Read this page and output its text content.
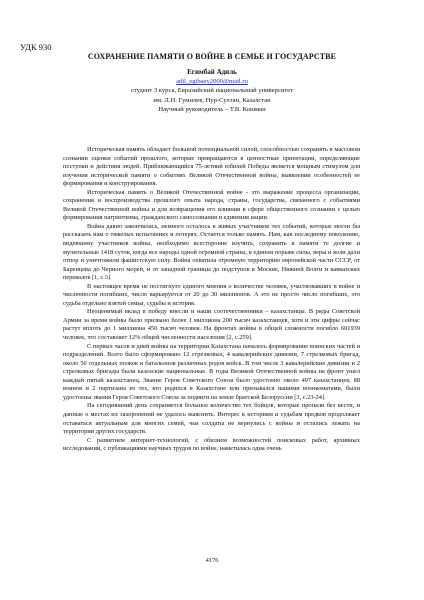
УДК 930
СОХРАНЕНИЕ ПАМЯТИ О ВОЙНЕ В СЕМЬЕ И ГОСУДАРСТВЕ
Егимбай Адиль
adil_egibaev2000@mail.ru
студент 3 курса, Евразийский национальный университет
им. Л.Н. Гумилев, Нур-Султан, Казахстан
Научный руководитель – Т.В. Кошман

Историческая память обладает большой потенциальной силой, способностью сохранять в массовом сознании оценки событий прошлого, которые превращаются в ценностные ориентации, определяющие поступки и действия людей. Приближающийся 75-летний юбилей Победы является мощным стимулом для изучения исторической памяти о событиях Великой Отечественной войны, выявлении особенностей ее формирования и конструирования.

Историческая память о Великой Отечественной войне - это выражение процесса организации, сохранения и воспроизводства прошлого опыта народа, страны, государства, связанного с событиями Великой Отечественной войны и для возвращения его влияния в сфере общественного сознании с целью формирования патриотизма, гражданского самосознания и единения нации.

Война давно закончилась, немного осталось в живых участников тех событий, которые могли бы рассказать нам о тяжелых испытаниях и потерях. Остается только память. Нам, как последнему поколению, видевшему участников войны, необходимо всесторонне изучить, сохранить в памяти те долгие и мучительные 1418 суток, когда все народы одной огромной страны, в едином порыве силы, веры и воли дали отпор и уничтожили фашистскую силу. Война охватила огромную территорию европейской части СССР, от Баренцева до Черного морей, и от западной границы до подступов к Москве, Нижней Волги и кавказских перевалов [1, с.3].

В настоящее время не постигнуто единого мнения о количестве человек, участвовавших в войне и численности погибших, число варьируется от 20 до 30 миллионов. А это не просто число погибших, это судьба отдельно взятой семьи, судьбы и история.

Неоценимый вклад в победу внесли и наши соотечественники – казахстанцы. В ряды Советской Армии за время войны было призвано более 1 миллиона 200 тысяч казахстанцев, хотя и эти цифры сейчас растут вплоть до 1 миллиона 450 тысяч человек. На фронтах войны в общей сложности погибло 601939 человек, что составляет 12% общей численности населения [2, с.259].

С первых часов и дней войны на территории Казахстана началось формирование воинских частей и подразделений. Всего было сформировано 12 стрелковых, 4 кавалерийских дивизии, 7 стрелковых бригад, около 50 отдельных полков и батальонов различных родов войск. В том числе 3 кавалерийские дивизии и 2 стрелковых бригады были казахские национальные. В годы Великой Отечественной войны на фронт ушел каждый пятый казахстанец. Звание Героя Советского Союза было удостоено около 497 казахстанцев, 88 воинов и 2 партизана из тех, кто родился в Казахстане или призывался нашими военкоматами, были удостоены звания Героя Советского Союза за подвиги на земле братской Белоруссии [3, с.23-24].

На сегодняшний день сохраняется большое количество тех бойцов, которые пропали без вести, и данные о местах их захоронений не удалось выяснить. Интерес к историям и судьбам предков продолжает оставаться актуальным для многих семей, чьи солдаты не вернулись с войны и остались лежать на территории других государств.

С развитием интернет-технологий, с обилием возможностей поисковых работ, архивных исследований, с публикациями научных трудов по войне, наметилась одна очень

4176
